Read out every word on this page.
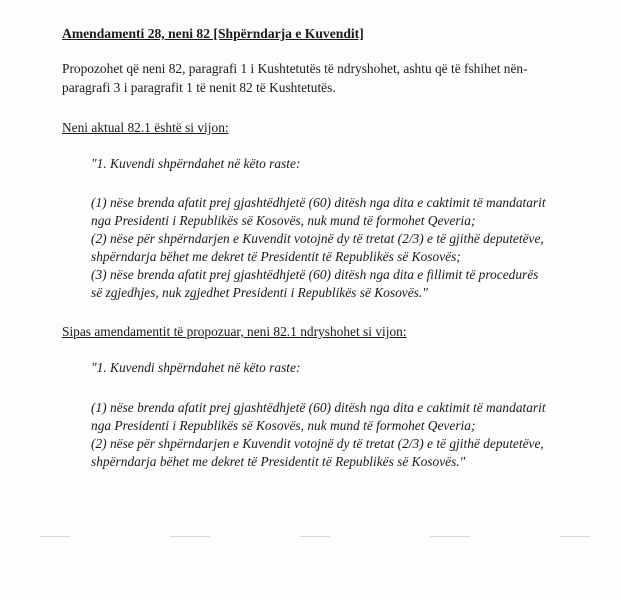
Amendamenti 28, neni 82 [Shpërndarja e Kuvendit]
Propozohet që neni 82, paragrafi 1 i Kushtetutës të ndryshohet, ashtu që të fshihet nën-
paragrafi 3 i paragrafit 1 të nenit 82 të Kushtetutës.
Neni aktual 82.1 është si vijon:
"1. Kuvendi shpërndahet në këto raste:
(1) nëse brenda afatit prej gjashtëdhjetë (60) ditësh nga dita e caktimit të mandatarit
nga Presidenti i Republikës së Kosovës, nuk mund të formohet Qeveria;
(2) nëse për shpërndarjen e Kuvendit votojnë dy të tretat (2/3) e të gjithë deputetëve,
shpërndarja bëhet me dekret të Presidentit të Republikës së Kosovës;
(3) nëse brenda afatit prej gjashtëdhjetë (60) ditësh nga dita e fillimit të procedurës
së zgjedhjes, nuk zgjedhet Presidenti i Republikës së Kosovës."
Sipas amendamentit të propozuar, neni 82.1 ndryshohet si vijon:
"1. Kuvendi shpërndahet në këto raste:
(1) nëse brenda afatit prej gjashtëdhjetë (60) ditësh nga dita e caktimit të mandatarit
nga Presidenti i Republikës së Kosovës, nuk mund të formohet Qeveria;
(2) nëse për shpërndarjen e Kuvendit votojnë dy të tretat (2/3) e të gjithë deputetëve,
shpërndarja bëhet me dekret të Presidentit të Republikës së Kosovës."
